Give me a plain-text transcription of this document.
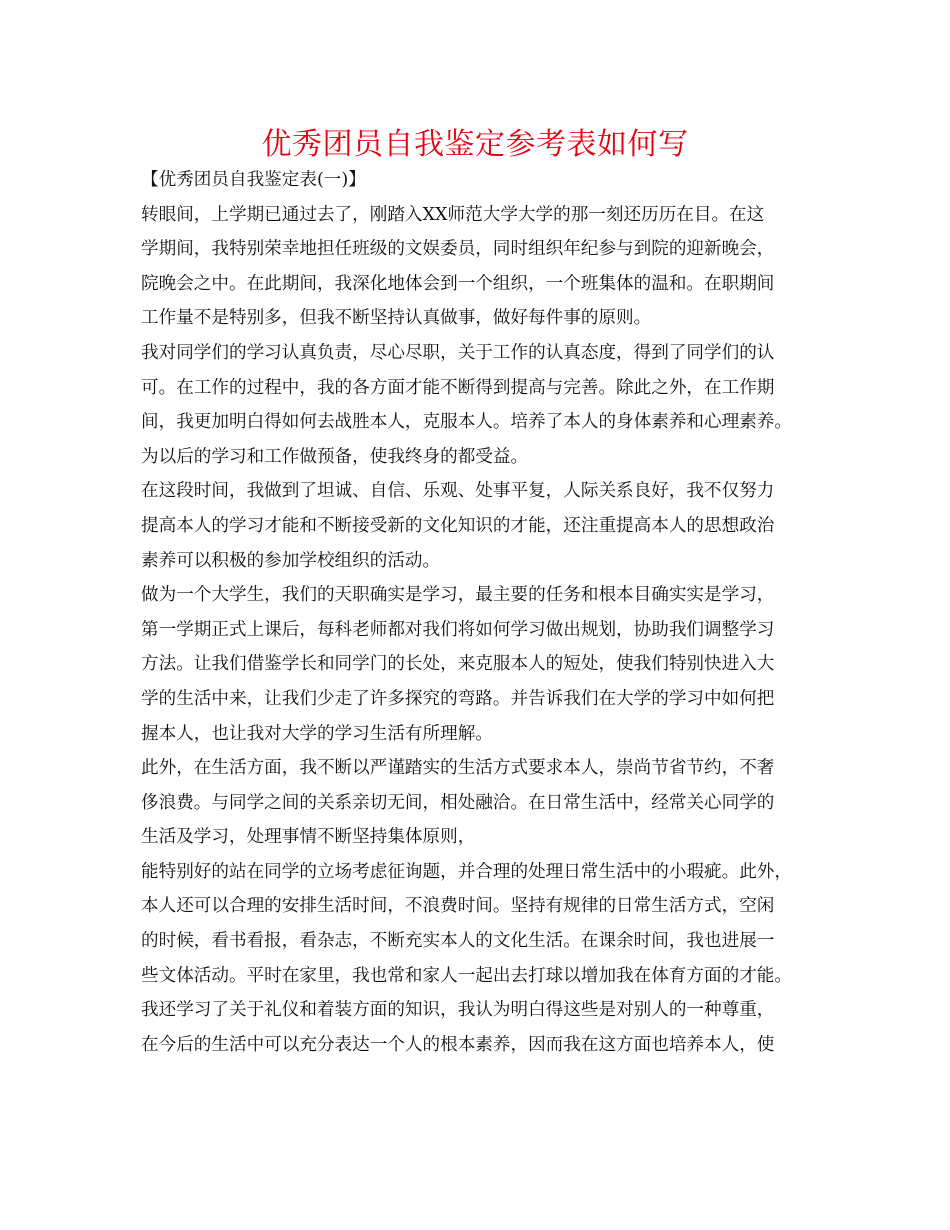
优秀团员自我鉴定参考表如何写
【优秀团员自我鉴定表(一)】
转眼间，上学期已通过去了，刚踏入XX师范大学大学的那一刻还历历在目。在这
学期间，我特别荣幸地担任班级的文娱委员，同时组织年纪参与到院的迎新晚会，
院晚会之中。在此期间，我深化地体会到一个组织，一个班集体的温和。在职期间
工作量不是特别多，但我不断坚持认真做事，做好每件事的原则。
我对同学们的学习认真负责，尽心尽职，关于工作的认真态度，得到了同学们的认
可。在工作的过程中，我的各方面才能不断得到提高与完善。除此之外，在工作期
间，我更加明白得如何去战胜本人，克服本人。培养了本人的身体素养和心理素养。
为以后的学习和工作做预备，使我终身的都受益。
在这段时间，我做到了坦诚、自信、乐观、处事平复，人际关系良好，我不仅努力
提高本人的学习才能和不断接受新的文化知识的才能，还注重提高本人的思想政治
素养可以积极的参加学校组织的活动。
做为一个大学生，我们的天职确实是学习，最主要的任务和根本目确实实是学习，
第一学期正式上课后，每科老师都对我们将如何学习做出规划，协助我们调整学习
方法。让我们借鉴学长和同学门的长处，来克服本人的短处，使我们特别快进入大
学的生活中来，让我们少走了许多探究的弯路。并告诉我们在大学的学习中如何把
握本人，也让我对大学的学习生活有所理解。
此外，在生活方面，我不断以严谨踏实的生活方式要求本人，崇尚节省节约，不奢
侈浪费。与同学之间的关系亲切无间，相处融洽。在日常生活中，经常关心同学的
生活及学习，处理事情不断坚持集体原则，
能特别好的站在同学的立场考虑征询题，并合理的处理日常生活中的小瑕疵。此外，
本人还可以合理的安排生活时间，不浪费时间。坚持有规律的日常生活方式，空闲
的时候，看书看报，看杂志，不断充实本人的文化生活。在课余时间，我也进展一
些文体活动。平时在家里，我也常和家人一起出去打球以增加我在体育方面的才能。
我还学习了关于礼仪和着装方面的知识，我认为明白得这些是对别人的一种尊重，
在今后的生活中可以充分表达一个人的根本素养，因而我在这方面也培养本人，使
